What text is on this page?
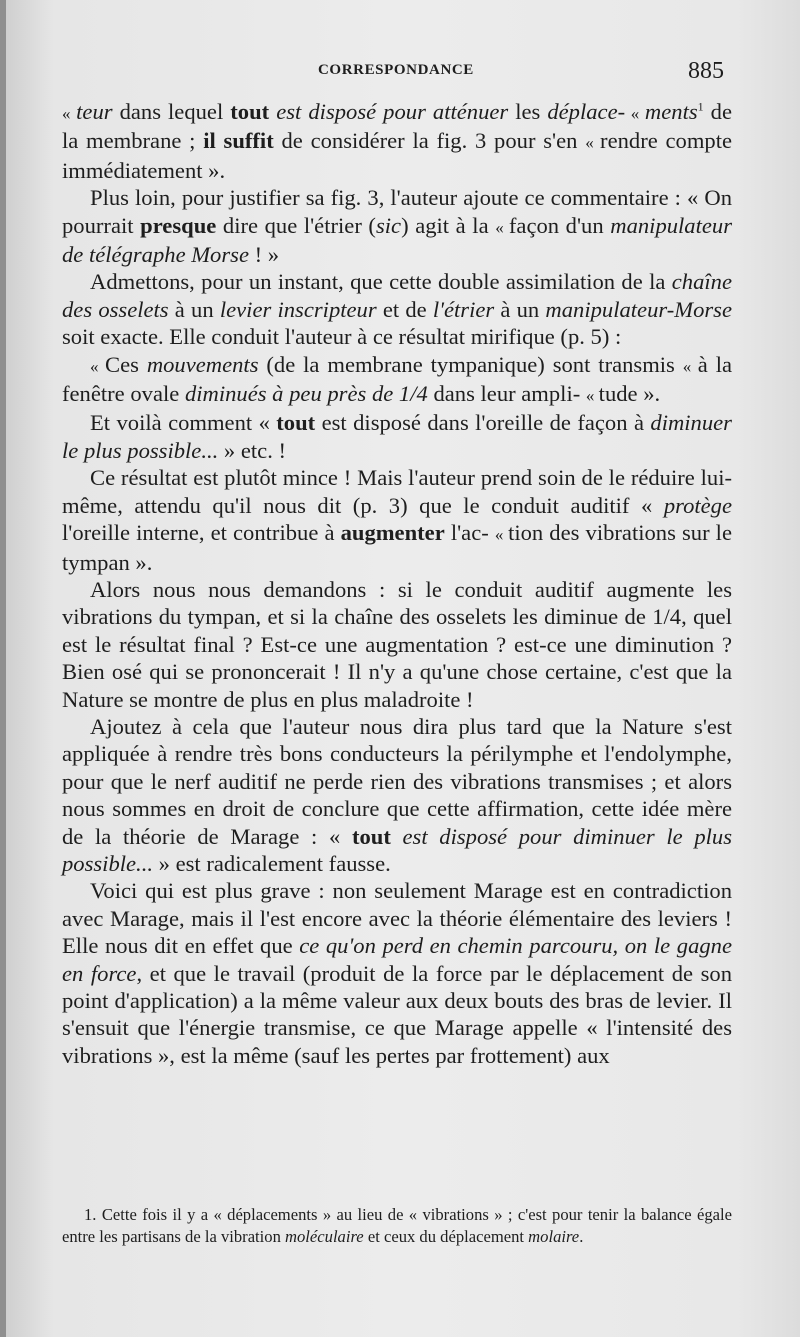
CORRESPONDANCE	885

« teur dans lequel tout est disposé pour atténuer les déplace- « ments$^1$ de la membrane ; il suffit de considérer la fig. 3 pour s'en « rendre compte immédiatement ».

Plus loin, pour justifier sa fig. 3, l'auteur ajoute ce commentaire : « On pourrait presque dire que l'étrier (sic) agit à la « façon d'un manipulateur de télégraphe Morse ! »

Admettons, pour un instant, que cette double assimilation de la chaîne des osselets à un levier inscripteur et de l'étrier à un manipulateur-Morse soit exacte. Elle conduit l'auteur à ce résultat mirifique (p. 5) :

« Ces mouvements (de la membrane tympanique) sont transmis « à la fenêtre ovale diminués à peu près de 1/4 dans leur ampli- « tude ».

Et voilà comment « tout est disposé dans l'oreille de façon à diminuer le plus possible... » etc. !

Ce résultat est plutôt mince ! Mais l'auteur prend soin de le réduire lui-même, attendu qu'il nous dit (p. 3) que le conduit auditif « protège l'oreille interne, et contribue à augmenter l'ac- « tion des vibrations sur le tympan ».

Alors nous nous demandons : si le conduit auditif augmente les vibrations du tympan, et si la chaîne des osselets les diminue de 1/4, quel est le résultat final ? Est-ce une augmentation ? est-ce une diminution ? Bien osé qui se prononcerait ! Il n'y a qu'une chose certaine, c'est que la Nature se montre de plus en plus maladroite !

Ajoutez à cela que l'auteur nous dira plus tard que la Nature s'est appliquée à rendre très bons conducteurs la périlymphe et l'endolymphe, pour que le nerf auditif ne perde rien des vibrations transmises ; et alors nous sommes en droit de conclure que cette affirmation, cette idée mère de la théorie de Marage : « tout est disposé pour diminuer le plus possible... » est radicalement fausse.

Voici qui est plus grave : non seulement Marage est en contradiction avec Marage, mais il l'est encore avec la théorie élémentaire des leviers ! Elle nous dit en effet que ce qu'on perd en chemin parcouru, on le gagne en force, et que le travail (produit de la force par le déplacement de son point d'application) a la même valeur aux deux bouts des bras de levier. Il s'ensuit que l'énergie transmise, ce que Marage appelle « l'intensité des vibrations », est la même (sauf les pertes par frottement) aux

1. Cette fois il y a « déplacements » au lieu de « vibrations » ; c'est pour tenir la balance égale entre les partisans de la vibration moléculaire et ceux du déplacement molaire.
